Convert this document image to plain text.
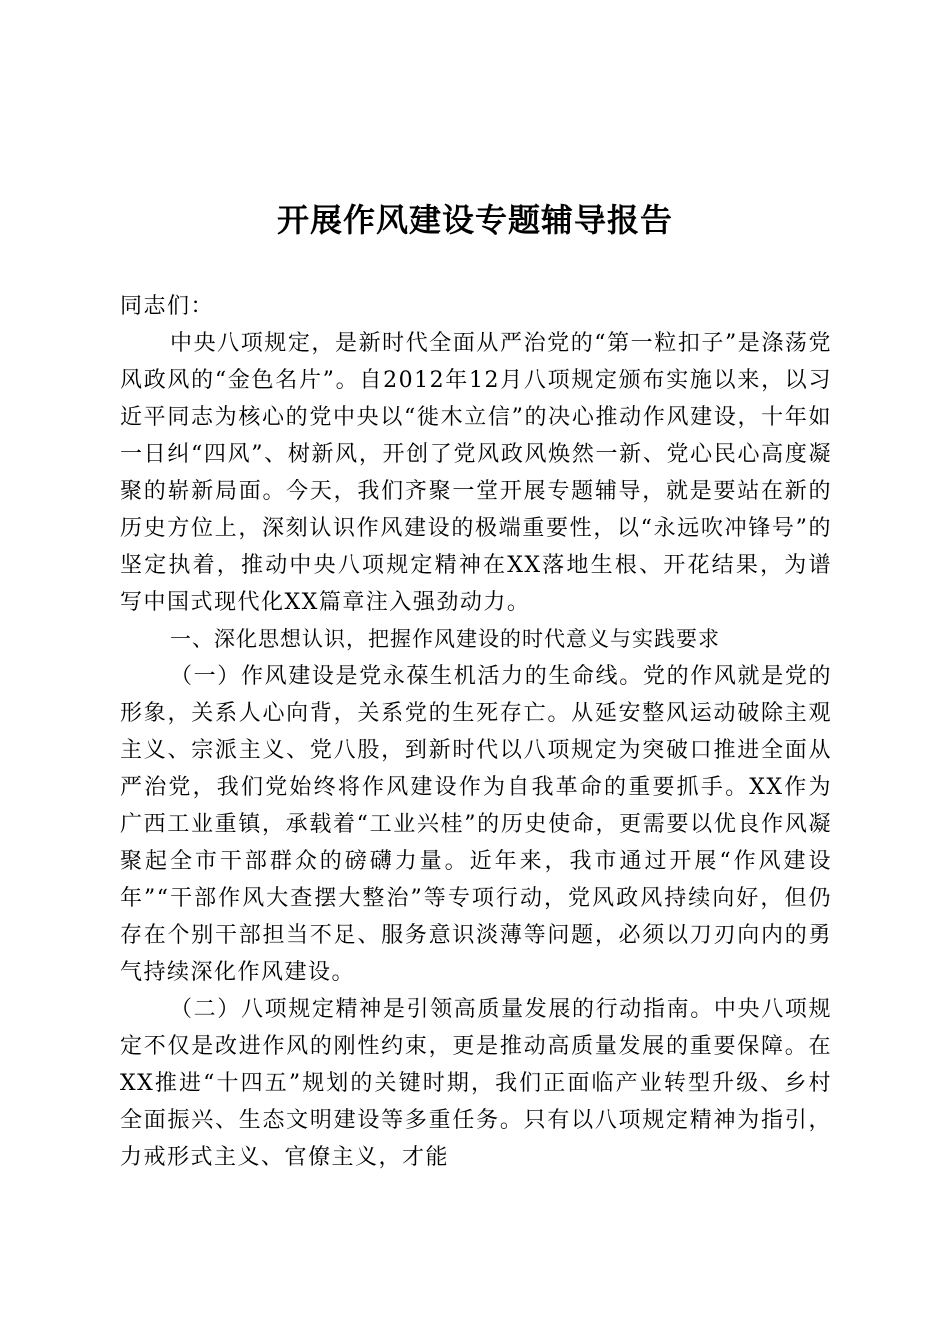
开展作风建设专题辅导报告

同志们：

中央八项规定，是新时代全面从严治党的“第一粒扣子”是涤荡党风政风的“金色名片”。自2012年12月八项规定颁布实施以来，以习近平同志为核心的党中央以“徙木立信”的决心推动作风建设，十年如一日纠“四风”、树新风，开创了党风政风焕然一新、党心民心高度凝聚的崭新局面。今天，我们齐聚一堂开展专题辅导，就是要站在新的历史方位上，深刻认识作风建设的极端重要性，以“永远吹冲锋号”的坚定执着，推动中央八项规定精神在XX落地生根、开花结果，为谱写中国式现代化XX篇章注入强劲动力。

一、深化思想认识，把握作风建设的时代意义与实践要求

（一）作风建设是党永葆生机活力的生命线。党的作风就是党的形象，关系人心向背，关系党的生死存亡。从延安整风运动破除主观主义、宗派主义、党八股，到新时代以八项规定为突破口推进全面从严治党，我们党始终将作风建设作为自我革命的重要抓手。XX作为广西工业重镇，承载着“工业兴桂”的历史使命，更需要以优良作风凝聚起全市干部群众的磅礴力量。近年来，我市通过开展“作风建设年”“干部作风大查摆大整治”等专项行动，党风政风持续向好，但仍存在个别干部担当不足、服务意识淡薄等问题，必须以刀刃向内的勇气持续深化作风建设。

（二）八项规定精神是引领高质量发展的行动指南。中央八项规定不仅是改进作风的刚性约束，更是推动高质量发展的重要保障。在XX推进“十四五”规划的关键时期，我们正面临产业转型升级、乡村全面振兴、生态文明建设等多重任务。只有以八项规定精神为指引，力戒形式主义、官僚主义，才能
